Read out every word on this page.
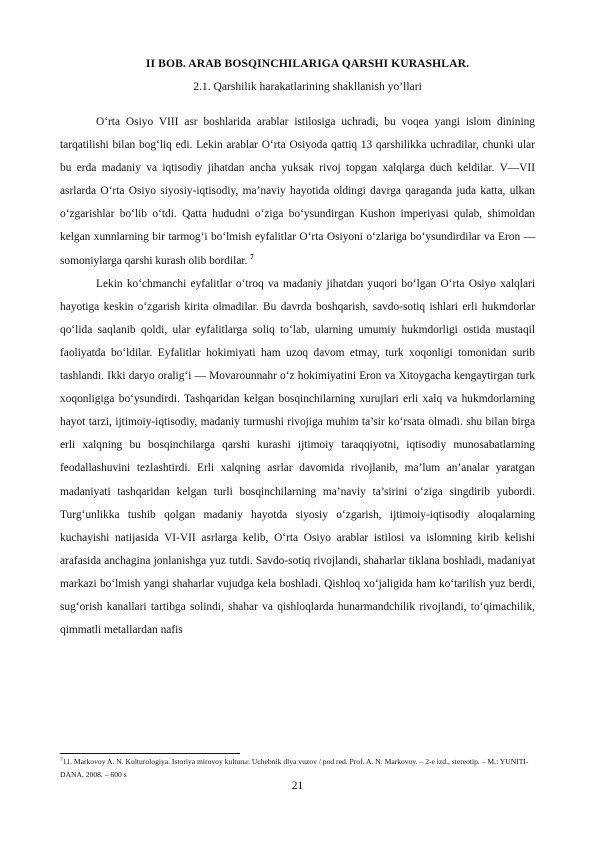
II BOB. ARAB BOSQINCHILARIGA QARSHI KURASHLAR.
2.1. Qarshilik harakatlarining shakllanish yo’llari

O‘rta Osiyo VIII asr boshlarida arablar istilosiga uchradi, bu voqea yangi islom dinining tarqatilishi bilan bog‘liq edi. Lekin arablar O‘rta Osiyoda qattiq 13 qarshilikka uchradilar, chunki ular bu erda madaniy va iqtisodiy jihatdan ancha yuksak rivoj topgan xalqlarga duch keldilar. V—VII asrlarda O‘rta Osiyo siyosiy-iqtisodiy, ma’naviy hayotida oldingi davrga qaraganda juda katta, ulkan o‘zgarishlar bo‘lib o‘tdi. Qatta hududni o‘ziga bo‘ysundirgan Kushon imperiyasi qulab, shimoldan kelgan xunnlarning bir tarmog‘i bo‘lmish eyfalitlar O‘rta Osiyoni o‘zlariga bo‘ysundirdilar va Eron — somoniylarga qarshi kurash olib bordilar. $^7$

Lekin ko‘chmanchi eyfalitlar o‘troq va madaniy jihatdan yuqori bo‘lgan O‘rta Osiyo xalqlari hayotiga keskin o‘zgarish kirita olmadilar. Bu davrda boshqarish, savdo-sotiq ishlari erli hukmdorlar qo‘lida saqlanib qoldi, ular eyfalitlarga soliq to‘lab, ularning umumiy hukmdorligi ostida mustaqil faoliyatda bo‘ldilar. Eyfalitlar hokimiyati ham uzoq davom etmay, turk xoqonligi tomonidan surib tashlandi. Ikki daryo oralig‘i — Movarounnahr o‘z hokimiyatini Eron va Xitoygacha kengaytirgan turk xoqonligiga bo‘ysundirdi. Tashqaridan kelgan bosqinchilarning xurujlari erli xalq va hukmdorlarning hayot tarzi, ijtimoiy-iqtisodiy, madaniy turmushi rivojiga muhim ta’sir ko‘rsata olmadi. shu bilan birga erli xalqning bu bosqinchilarga qarshi kurashi ijtimoiy taraqqiyotni, iqtisodiy munosabatlarning feodallashuvini tezlashtirdi. Erli xalqning asrlar davomida rivojlanib, ma’lum an’analar yaratgan madaniyati tashqaridan kelgan turli bosqinchilarning ma’naviy ta’sirini o‘ziga singdirib yubordi. Turg‘unlikka tushib qolgan madaniy hayotda siyosiy o‘zgarish, ijtimoiy-iqtisodiy aloqalarning kuchayishi natijasida VI-VII asrlarga kelib, O‘rta Osiyo arablar istilosi va islomning kirib kelishi arafasida anchagina jonlanishga yuz tutdi. Savdo-sotiq rivojlandi, shaharlar tiklana boshladi, madaniyat markazi bo‘lmish yangi shaharlar vujudga kela boshladi. Qishloq xo‘jaligida ham ko‘tarilish yuz berdi, sug‘orish kanallari tartibga solindi, shahar va qishloqlarda hunarmandchilik rivojlandi, to‘qimachilik, qimmatli metallardan nafis

$^7$11. Markovoy A. N. Kulturologiya. Istoriya mirovoy kulturы: Uchebnik dlya vuzov / pod red. Prof. A. N. Markovoy. – 2-e izd., stereotip. – M.: YUNITI-DANA, 2008. – 600 s
21
